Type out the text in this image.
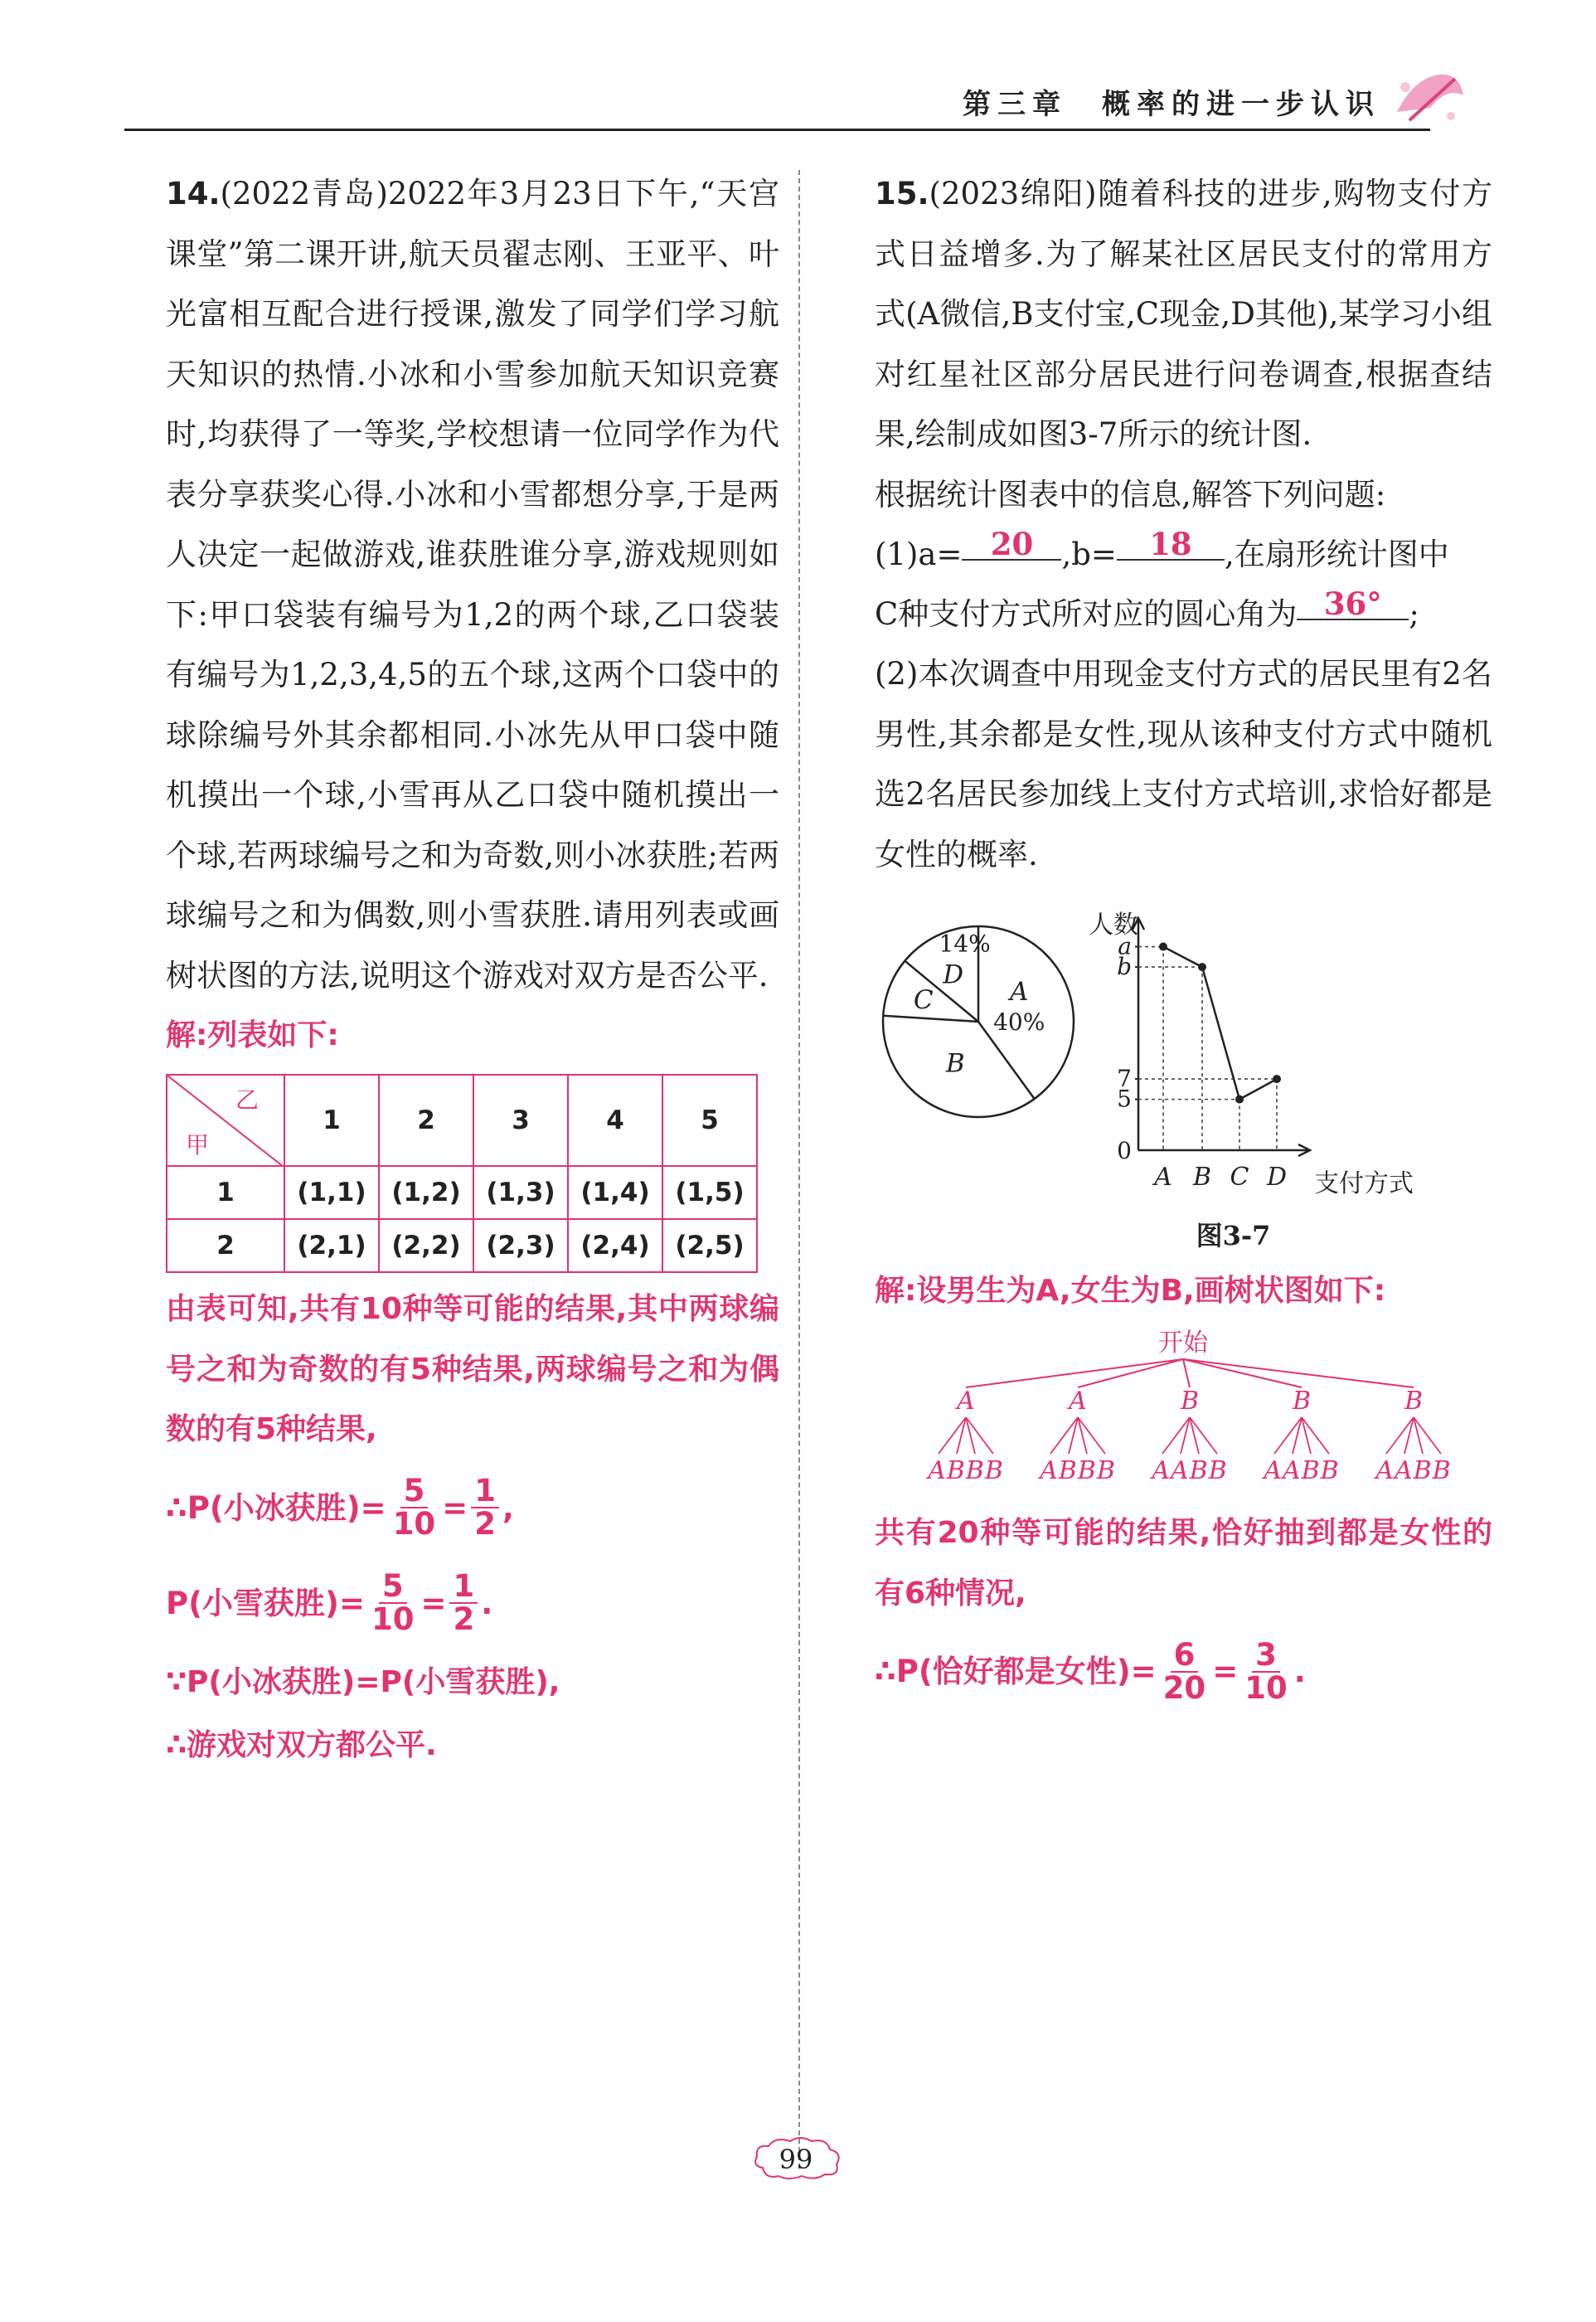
第三章　概率的进一步认识

14.(2022青岛)2022年3月23日下午,“天宫课堂”第二课开讲,航天员翟志刚、王亚平、叶光富相互配合进行授课,激发了同学们学习航天知识的热情.小冰和小雪参加航天知识竞赛时,均获得了一等奖,学校想请一位同学作为代表分享获奖心得.小冰和小雪都想分享,于是两人决定一起做游戏,谁获胜谁分享,游戏规则如下:甲口袋装有编号为1,2的两个球,乙口袋装有编号为1,2,3,4,5的五个球,这两个口袋中的球除编号外其余都相同.小冰先从甲口袋中随机摸出一个球,小雪再从乙口袋中随机摸出一个球,若两球编号之和为奇数,则小冰获胜;若两球编号之和为偶数,则小雪获胜.请用列表或画树状图的方法,说明这个游戏对双方是否公平.

解:列表如下:
乙
甲	1	2	3	4	5
1	(1,1)	(1,2)	(1,3)	(1,4)	(1,5)
2	(2,1)	(2,2)	(2,3)	(2,4)	(2,5)

由表可知,共有10种等可能的结果,其中两球编号之和为奇数的有5种结果,两球编号之和为偶数的有5种结果,

∴P(小冰获胜)= $\frac{5}{10} = \frac{1}{2}$ ,
P(小雪获胜)= $\frac{5}{10} = \frac{1}{2}$ .
∵P(小冰获胜)=P(小雪获胜),
∴游戏对双方都公平.

15.(2023绵阳)随着科技的进步,购物支付方式日益增多.为了解某社区居民支付的常用方式(A微信,B支付宝,C现金,D其他),某学习小组对红星社区部分居民进行问卷调查,根据查结果,绘制成如图3-7所示的统计图.

根据统计图表中的信息,解答下列问题:

(1)a= 20 ,b= 18 ,在扇形统计图中
C种支付方式所对应的圆心角为 36° ;

(2)本次调查中用现金支付方式的居民里有2名男性,其余都是女性,现从该种支付方式中随机选2名居民参加线上支付方式培训,求恰好都是女性的概率.

A
40%
B
C
D
14%
人数
支付方式
0
5
7
b
a
A B C D
图3-7
解:设男生为A,女生为B,画树状图如下:
开始
A
ABBB
A
ABBB
B
AABB
B
AABB
B
AABB

共有20种等可能的结果,恰好抽到都是女性的有6种情况,

∴P(恰好都是女性)= $\frac{6}{20} = \frac{3}{10}$ .
99
